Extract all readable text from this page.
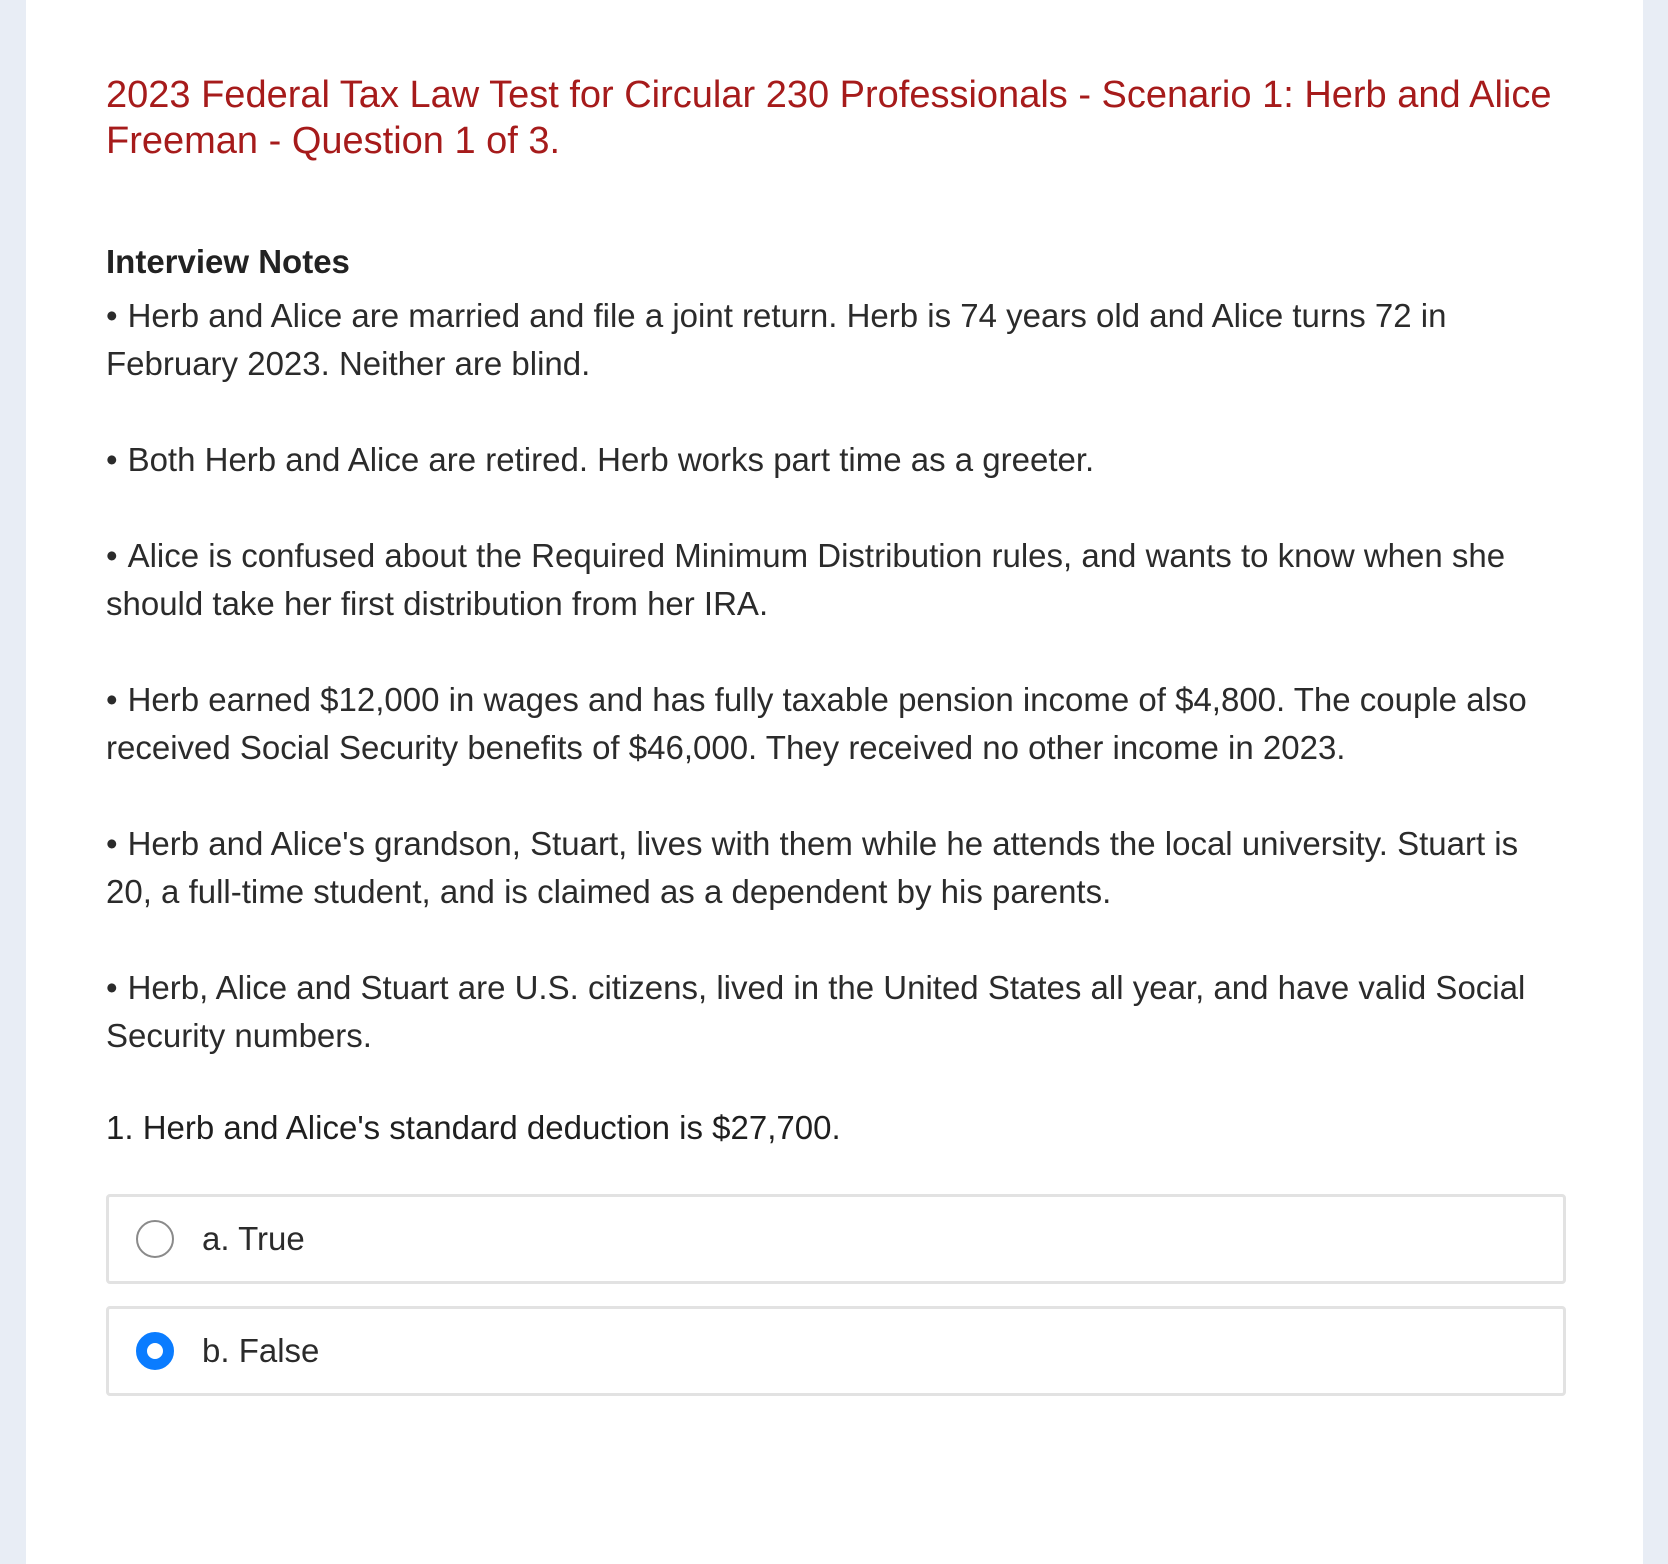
2023 Federal Tax Law Test for Circular 230 Professionals - Scenario 1: Herb and Alice Freeman - Question 1 of 3.
Interview Notes
• Herb and Alice are married and file a joint return. Herb is 74 years old and Alice turns 72 in February 2023. Neither are blind.
• Both Herb and Alice are retired. Herb works part time as a greeter.
• Alice is confused about the Required Minimum Distribution rules, and wants to know when she should take her first distribution from her IRA.
• Herb earned $12,000 in wages and has fully taxable pension income of $4,800. The couple also received Social Security benefits of $46,000. They received no other income in 2023.
• Herb and Alice's grandson, Stuart, lives with them while he attends the local university. Stuart is 20, a full-time student, and is claimed as a dependent by his parents.
• Herb, Alice and Stuart are U.S. citizens, lived in the United States all year, and have valid Social Security numbers.
1. Herb and Alice's standard deduction is $27,700.
a. True
b. False
